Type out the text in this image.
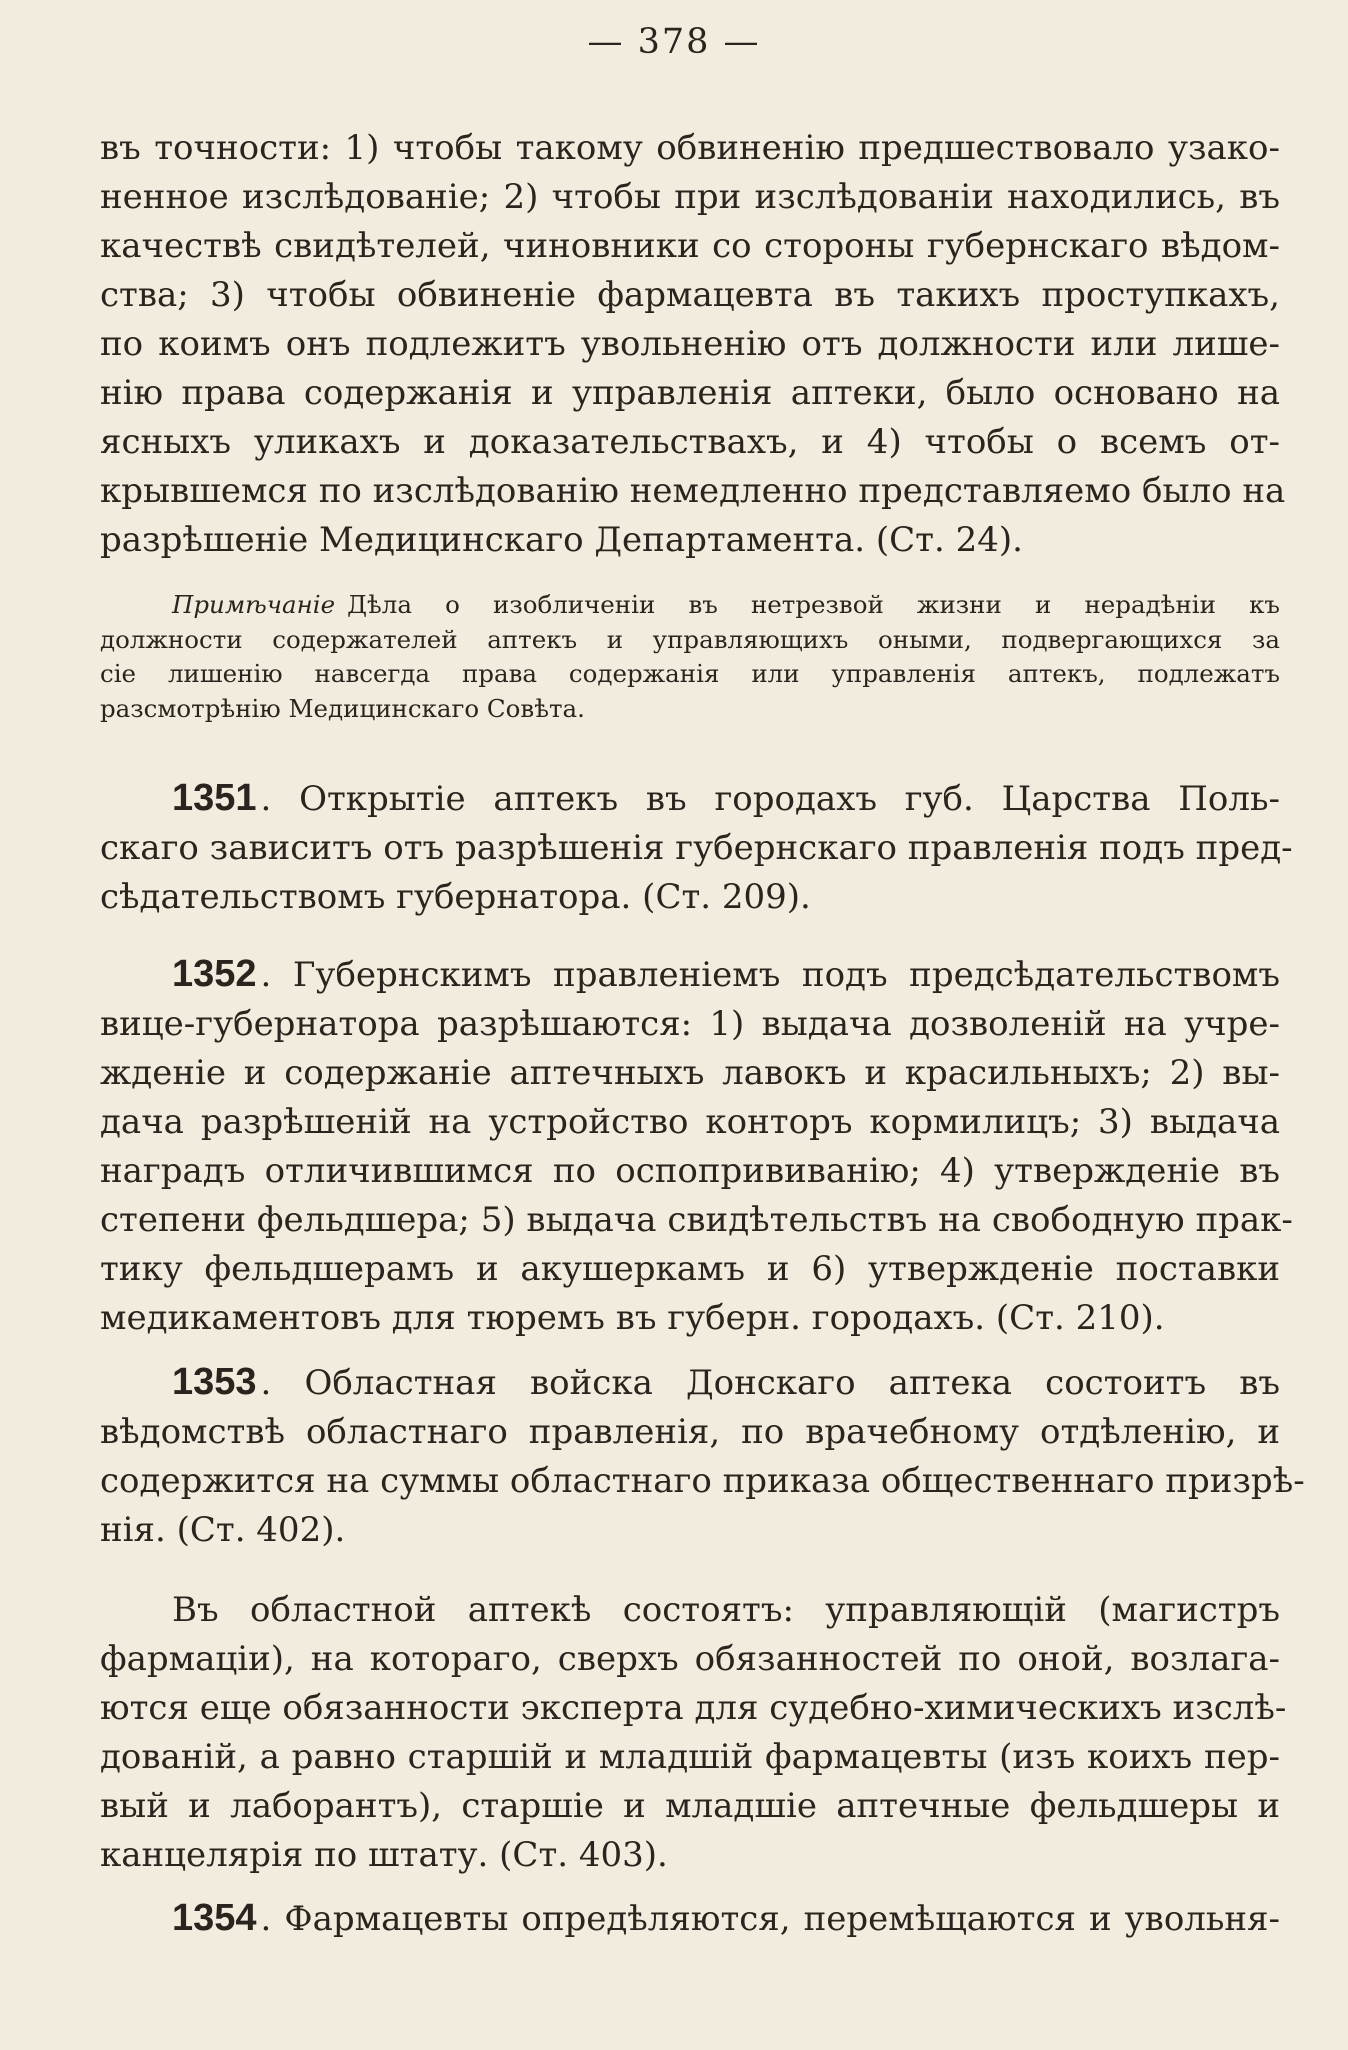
— 378 —
въ точности: 1) чтобы такому обвиненію предшествовало узако-
ненное изслѣдованіе; 2) чтобы при изслѣдованіи находились, въ
качествѣ свидѣтелей, чиновники со стороны губернскаго вѣдом-
ства; 3) чтобы обвиненіе фармацевта въ такихъ проступкахъ,
по коимъ онъ подлежитъ увольненію отъ должности или лише-
нію права содержанія и управленія аптеки, было основано на
ясныхъ уликахъ и доказательствахъ, и 4) чтобы о всемъ от-
крывшемся по изслѣдованію немедленно представляемо было на
разрѣшеніе Медицинскаго Департамента. (Ст. 24).
Примѣчаніе Дѣла о изобличеніи въ нетрезвой жизни и нерадѣніи къ
должности содержателей аптекъ и управляющихъ оными, подвергающихся за
сіе лишенію навсегда права содержанія или управленія аптекъ, подлежатъ
разсмотрѣнію Медицинскаго Совѣта.
1351 . Открытіе аптекъ въ городахъ губ. Царства Поль-
скаго зависитъ отъ разрѣшенія губернскаго правленія подъ пред-
сѣдательствомъ губернатора. (Ст. 209).
1352 . Губернскимъ правленіемъ подъ предсѣдательствомъ
вице-губернатора разрѣшаются: 1) выдача дозволеній на учре-
жденіе и содержаніе аптечныхъ лавокъ и красильныхъ; 2) вы-
дача разрѣшеній на устройство конторъ кормилицъ; 3) выдача
наградъ отличившимся по оспопрививанію; 4) утвержденіе въ
степени фельдшера; 5) выдача свидѣтельствъ на свободную прак-
тику фельдшерамъ и акушеркамъ и 6) утвержденіе поставки
медикаментовъ для тюремъ въ губерн. городахъ. (Ст. 210).
1353 . Областная войска Донскаго аптека состоитъ въ
вѣдомствѣ областнаго правленія, по врачебному отдѣленію, и
содержится на суммы областнаго приказа общественнаго призрѣ-
нія. (Ст. 402).
Въ областной аптекѣ состоятъ: управляющій (магистръ
фармаціи), на котораго, сверхъ обязанностей по оной, возлага-
ются еще обязанности эксперта для судебно-химическихъ изслѣ-
дованій, а равно старшій и младшій фармацевты (изъ коихъ пер-
вый и лаборантъ), старшіе и младшіе аптечные фельдшеры и
канцелярія по штату. (Ст. 403).
1354 . Фармацевты опредѣляются, перемѣщаются и увольня-
